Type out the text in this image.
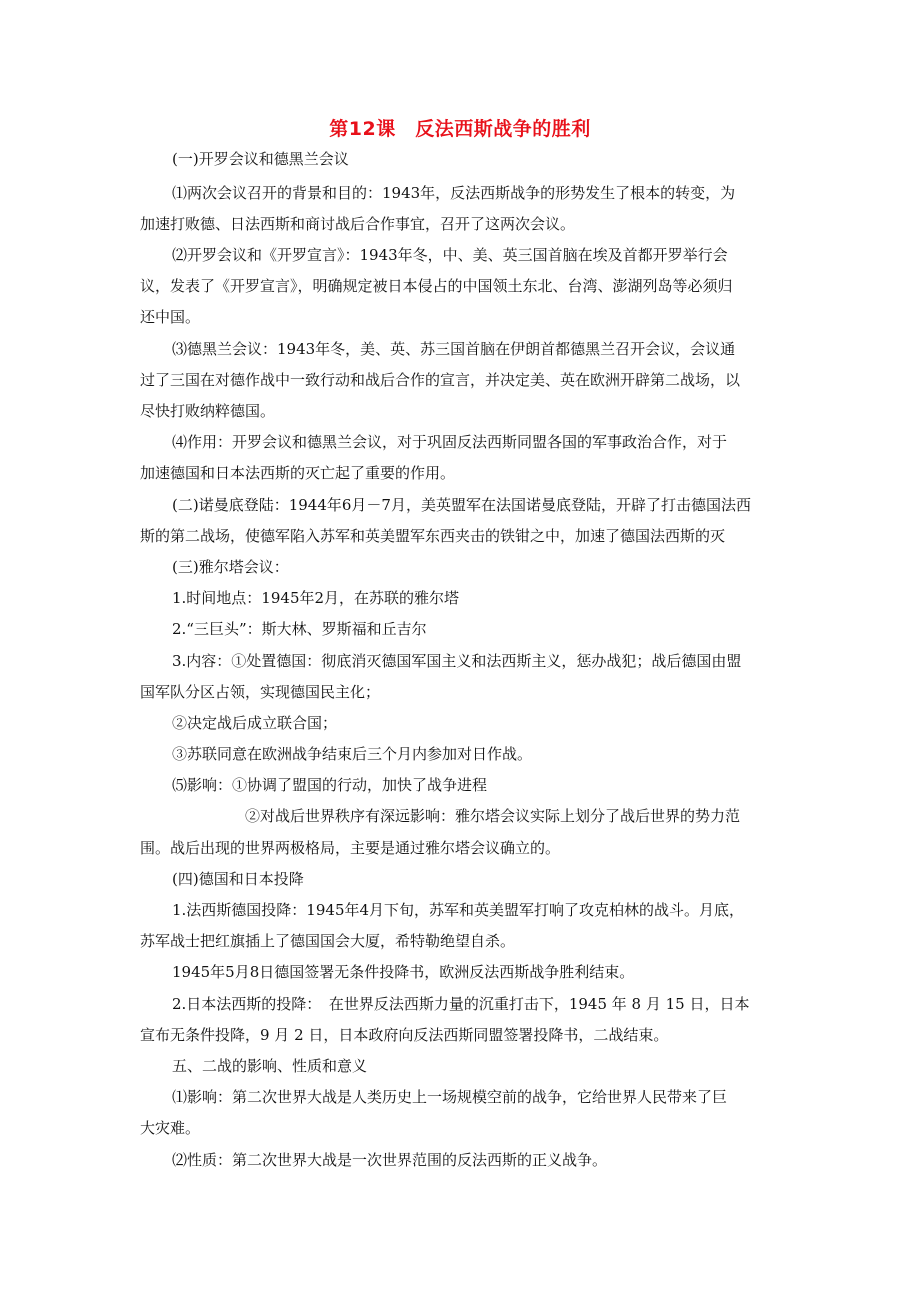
第12课　反法西斯战争的胜利
(一)开罗会议和德黑兰会议
⑴两次会议召开的背景和目的：1943年，反法西斯战争的形势发生了根本的转变，为
加速打败德、日法西斯和商讨战后合作事宜，召开了这两次会议。
⑵开罗会议和《开罗宣言》：1943年冬，中、美、英三国首脑在埃及首都开罗举行会
议，发表了《开罗宣言》，明确规定被日本侵占的中国领土东北、台湾、澎湖列岛等必须归
还中国。
⑶德黑兰会议：1943年冬，美、英、苏三国首脑在伊朗首都德黑兰召开会议，会议通
过了三国在对德作战中一致行动和战后合作的宣言，并决定美、英在欧洲开辟第二战场，以
尽快打败纳粹德国。
⑷作用：开罗会议和德黑兰会议，对于巩固反法西斯同盟各国的军事政治合作，对于
加速德国和日本法西斯的灭亡起了重要的作用。
(二)诺曼底登陆：1944年6月－7月，美英盟军在法国诺曼底登陆，开辟了打击德国法西
斯的第二战场，使德军陷入苏军和英美盟军东西夹击的铁钳之中，加速了德国法西斯的灭
(三)雅尔塔会议：
1.时间地点：1945年2月，在苏联的雅尔塔
2.“三巨头”：斯大林、罗斯福和丘吉尔
3.内容：①处置德国：彻底消灭德国军国主义和法西斯主义，惩办战犯；战后德国由盟
国军队分区占领，实现德国民主化；
②决定战后成立联合国；
③苏联同意在欧洲战争结束后三个月内参加对日作战。
⑸影响：①协调了盟国的行动，加快了战争进程
②对战后世界秩序有深远影响：雅尔塔会议实际上划分了战后世界的势力范
围。战后出现的世界两极格局，主要是通过雅尔塔会议确立的。
(四)德国和日本投降
1.法西斯德国投降：1945年4月下旬，苏军和英美盟军打响了攻克柏林的战斗。月底，
苏军战士把红旗插上了德国国会大厦，希特勒绝望自杀。
1945年5月8日德国签署无条件投降书，欧洲反法西斯战争胜利结束。
2.日本法西斯的投降：　在世界反法西斯力量的沉重打击下，1945 年 8 月 15 日，日本
宣布无条件投降，9 月 2 日，日本政府向反法西斯同盟签署投降书，二战结束。
五、二战的影响、性质和意义
⑴影响：第二次世界大战是人类历史上一场规模空前的战争，它给世界人民带来了巨
大灾难。
⑵性质：第二次世界大战是一次世界范围的反法西斯的正义战争。
